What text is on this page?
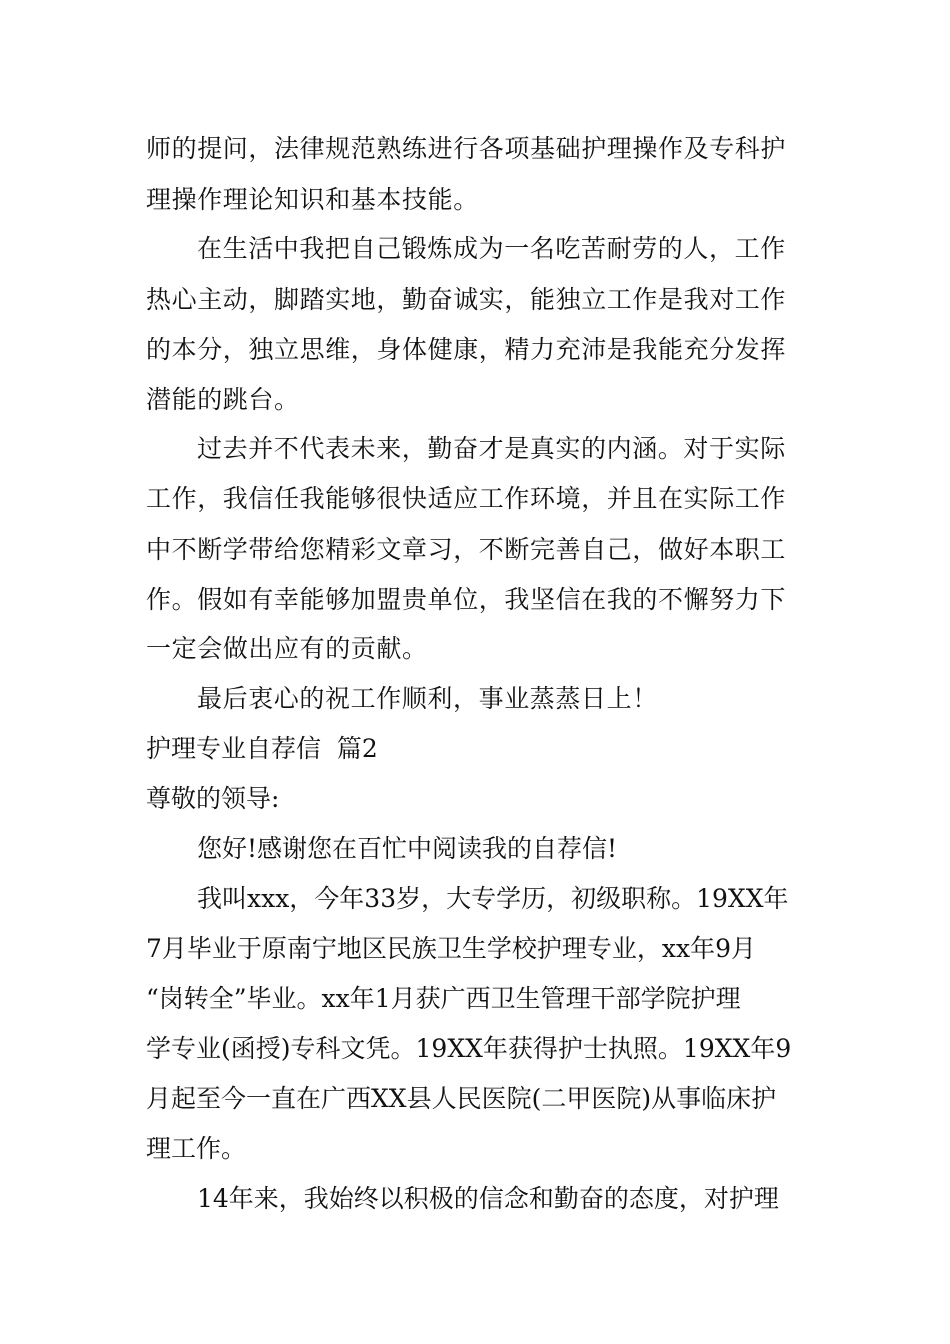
师的提问，法律规范熟练进行各项基础护理操作及专科护
理操作理论知识和基本技能。
在生活中我把自己锻炼成为一名吃苦耐劳的人，工作
热心主动，脚踏实地，勤奋诚实，能独立工作是我对工作
的本分，独立思维，身体健康，精力充沛是我能充分发挥
潜能的跳台。
过去并不代表未来，勤奋才是真实的内涵。对于实际
工作，我信任我能够很快适应工作环境，并且在实际工作
中不断学带给您精彩文章习，不断完善自己，做好本职工
作。假如有幸能够加盟贵单位，我坚信在我的不懈努力下
一定会做出应有的贡献。
最后衷心的祝工作顺利，事业蒸蒸日上！
护理专业自荐信  篇2
尊敬的领导:
您好!感谢您在百忙中阅读我的自荐信!
我叫xxx，今年33岁，大专学历，初级职称。19XX年
7月毕业于原南宁地区民族卫生学校护理专业，xx年9月
“岗转全”毕业。xx年1月获广西卫生管理干部学院护理
学专业(函授)专科文凭。19XX年获得护士执照。19XX年9
月起至今一直在广西XX县人民医院(二甲医院)从事临床护
理工作。
14年来，我始终以积极的信念和勤奋的态度，对护理
